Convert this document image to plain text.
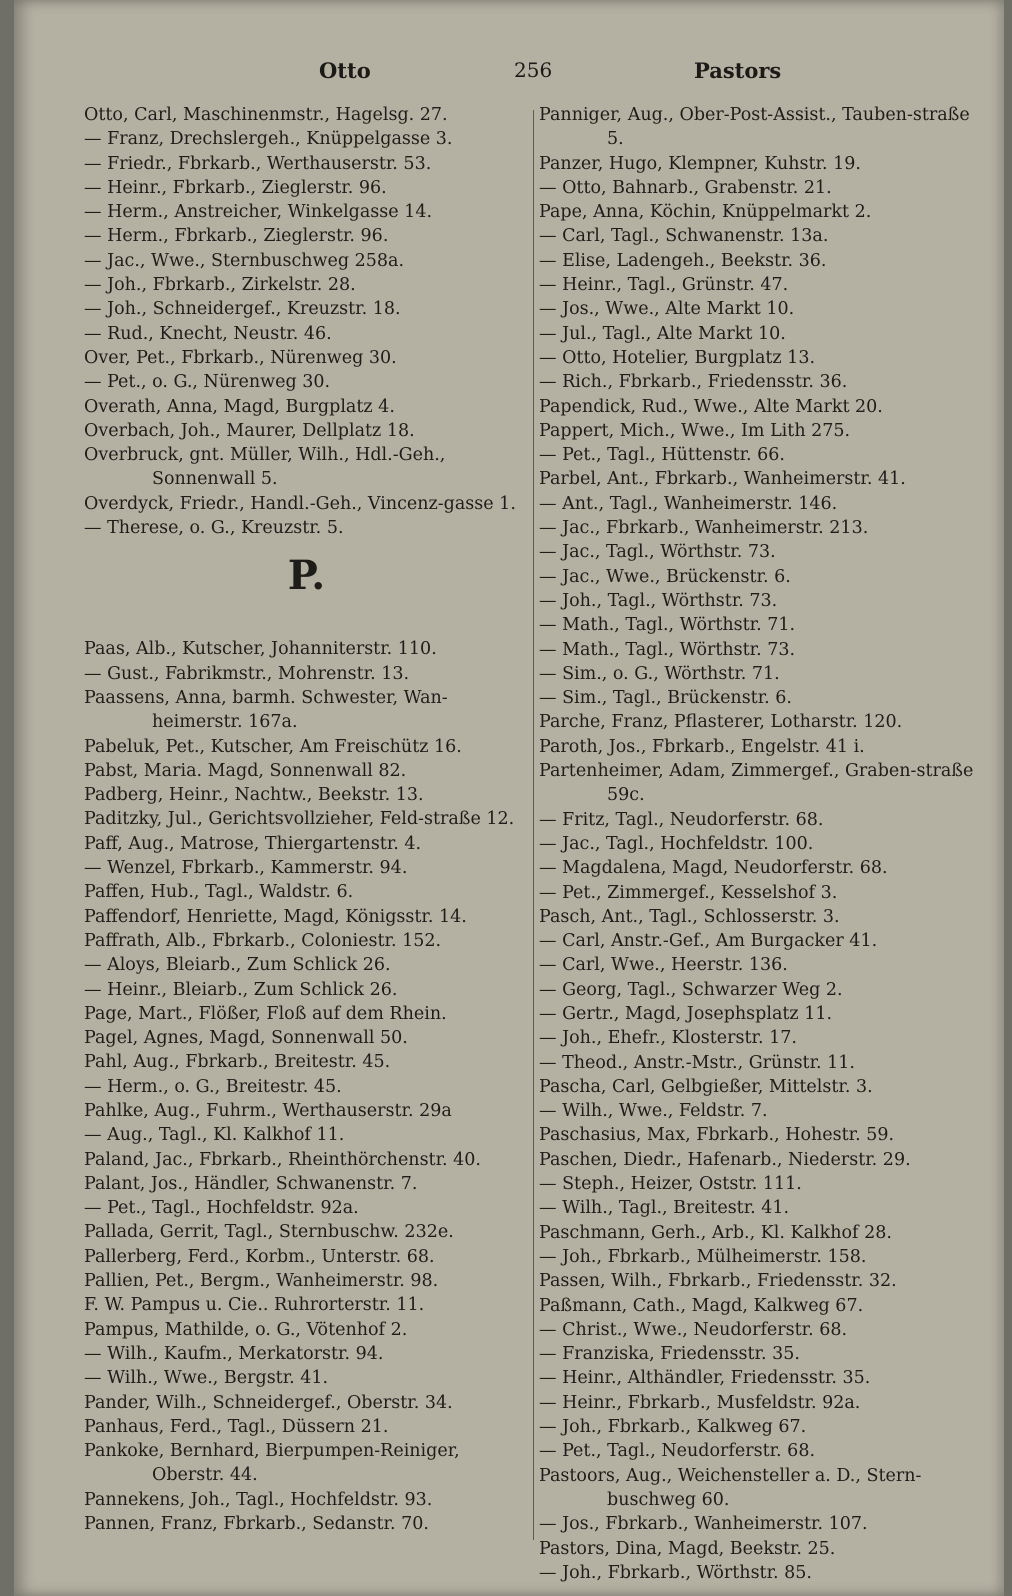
Otto	256	Pastors
Otto, Carl, Maschinenmstr., Hagelsg. 27.
— Franz, Drechslergeh., Knüppelgasse 3.
— Friedr., Fbrkarb., Werthauserstr. 53.
— Heinr., Fbrkarb., Zieglerstr. 96.
— Herm., Anstreicher, Winkelgasse 14.
— Herm., Fbrkarb., Zieglerstr. 96.
— Jac., Wwe., Sternbuschweg 258a.
— Joh., Fbrkarb., Zirkelstr. 28.
— Joh., Schneidergef., Kreuzstr. 18.
— Rud., Knecht, Neustr. 46.
Over, Pet., Fbrkarb., Nürenweg 30.
— Pet., o. G., Nürenweg 30.
Overath, Anna, Magd, Burgplatz 4.
Overbach, Joh., Maurer, Dellplatz 18.
Overbruck, gnt. Müller, Wilh., Hdl.-Geh., Sonnenwall 5.
Overdyck, Friedr., Handl.-Geh., Vincenz-gasse 1.
— Therese, o. G., Kreuzstr. 5.
P.
Paas, Alb., Kutscher, Johanniterstr. 110.
— Gust., Fabrikmstr., Mohrenstr. 13.
Paassens, Anna, barmh. Schwester, Wan-heimerstr. 167a.
Pabeluk, Pet., Kutscher, Am Freischütz 16.
Pabst, Maria. Magd, Sonnenwall 82.
Padberg, Heinr., Nachtw., Beekstr. 13.
Paditzky, Jul., Gerichtsvollzieher, Feld-straße 12.
Paff, Aug., Matrose, Thiergartenstr. 4.
— Wenzel, Fbrkarb., Kammerstr. 94.
Paffen, Hub., Tagl., Waldstr. 6.
Paffendorf, Henriette, Magd, Königsstr. 14.
Paffrath, Alb., Fbrkarb., Coloniestr. 152.
— Aloys, Bleiarb., Zum Schlick 26.
— Heinr., Bleiarb., Zum Schlick 26.
Page, Mart., Flößer, Floß auf dem Rhein.
Pagel, Agnes, Magd, Sonnenwall 50.
Pahl, Aug., Fbrkarb., Breitestr. 45.
— Herm., o. G., Breitestr. 45.
Pahlke, Aug., Fuhrm., Werthauserstr. 29a
— Aug., Tagl., Kl. Kalkhof 11.
Paland, Jac., Fbrkarb., Rheinthörchenstr. 40.
Palant, Jos., Händler, Schwanenstr. 7.
— Pet., Tagl., Hochfeldstr. 92a.
Pallada, Gerrit, Tagl., Sternbuschw. 232e.
Pallerberg, Ferd., Korbm., Unterstr. 68.
Pallien, Pet., Bergm., Wanheimerstr. 98.
F. W. Pampus u. Cie.. Ruhrorterstr. 11.
Pampus, Mathilde, o. G., Vötenhof 2.
— Wilh., Kaufm., Merkatorstr. 94.
— Wilh., Wwe., Bergstr. 41.
Pander, Wilh., Schneidergef., Oberstr. 34.
Panhaus, Ferd., Tagl., Düssern 21.
Pankoke, Bernhard, Bierpumpen-Reiniger, Oberstr. 44.
Pannekens, Joh., Tagl., Hochfeldstr. 93.
Pannen, Franz, Fbrkarb., Sedanstr. 70.
Panniger, Aug., Ober-Post-Assist., Tauben-straße 5.
Panzer, Hugo, Klempner, Kuhstr. 19.
— Otto, Bahnarb., Grabenstr. 21.
Pape, Anna, Köchin, Knüppelmarkt 2.
— Carl, Tagl., Schwanenstr. 13a.
— Elise, Ladengeh., Beekstr. 36.
— Heinr., Tagl., Grünstr. 47.
— Jos., Wwe., Alte Markt 10.
— Jul., Tagl., Alte Markt 10.
— Otto, Hotelier, Burgplatz 13.
— Rich., Fbrkarb., Friedensstr. 36.
Papendick, Rud., Wwe., Alte Markt 20.
Pappert, Mich., Wwe., Im Lith 275.
— Pet., Tagl., Hüttenstr. 66.
Parbel, Ant., Fbrkarb., Wanheimerstr. 41.
— Ant., Tagl., Wanheimerstr. 146.
— Jac., Fbrkarb., Wanheimerstr. 213.
— Jac., Tagl., Wörthstr. 73.
— Jac., Wwe., Brückenstr. 6.
— Joh., Tagl., Wörthstr. 73.
— Math., Tagl., Wörthstr. 71.
— Math., Tagl., Wörthstr. 73.
— Sim., o. G., Wörthstr. 71.
— Sim., Tagl., Brückenstr. 6.
Parche, Franz, Pflasterer, Lotharstr. 120.
Paroth, Jos., Fbrkarb., Engelstr. 41 i.
Partenheimer, Adam, Zimmergef., Graben-straße 59c.
— Fritz, Tagl., Neudorferstr. 68.
— Jac., Tagl., Hochfeldstr. 100.
— Magdalena, Magd, Neudorferstr. 68.
— Pet., Zimmergef., Kesselshof 3.
Pasch, Ant., Tagl., Schlosserstr. 3.
— Carl, Anstr.-Gef., Am Burgacker 41.
— Carl, Wwe., Heerstr. 136.
— Georg, Tagl., Schwarzer Weg 2.
— Gertr., Magd, Josephsplatz 11.
— Joh., Ehefr., Klosterstr. 17.
— Theod., Anstr.-Mstr., Grünstr. 11.
Pascha, Carl, Gelbgießer, Mittelstr. 3.
— Wilh., Wwe., Feldstr. 7.
Paschasius, Max, Fbrkarb., Hohestr. 59.
Paschen, Diedr., Hafenarb., Niederstr. 29.
— Steph., Heizer, Oststr. 111.
— Wilh., Tagl., Breitestr. 41.
Paschmann, Gerh., Arb., Kl. Kalkhof 28.
— Joh., Fbrkarb., Mülheimerstr. 158.
Passen, Wilh., Fbrkarb., Friedensstr. 32.
Paßmann, Cath., Magd, Kalkweg 67.
— Christ., Wwe., Neudorferstr. 68.
— Franziska, Friedensstr. 35.
— Heinr., Althändler, Friedensstr. 35.
— Heinr., Fbrkarb., Musfeldstr. 92a.
— Joh., Fbrkarb., Kalkweg 67.
— Pet., Tagl., Neudorferstr. 68.
Pastoors, Aug., Weichensteller a. D., Stern-buschweg 60.
— Jos., Fbrkarb., Wanheimerstr. 107.
Pastors, Dina, Magd, Beekstr. 25.
— Joh., Fbrkarb., Wörthstr. 85.
